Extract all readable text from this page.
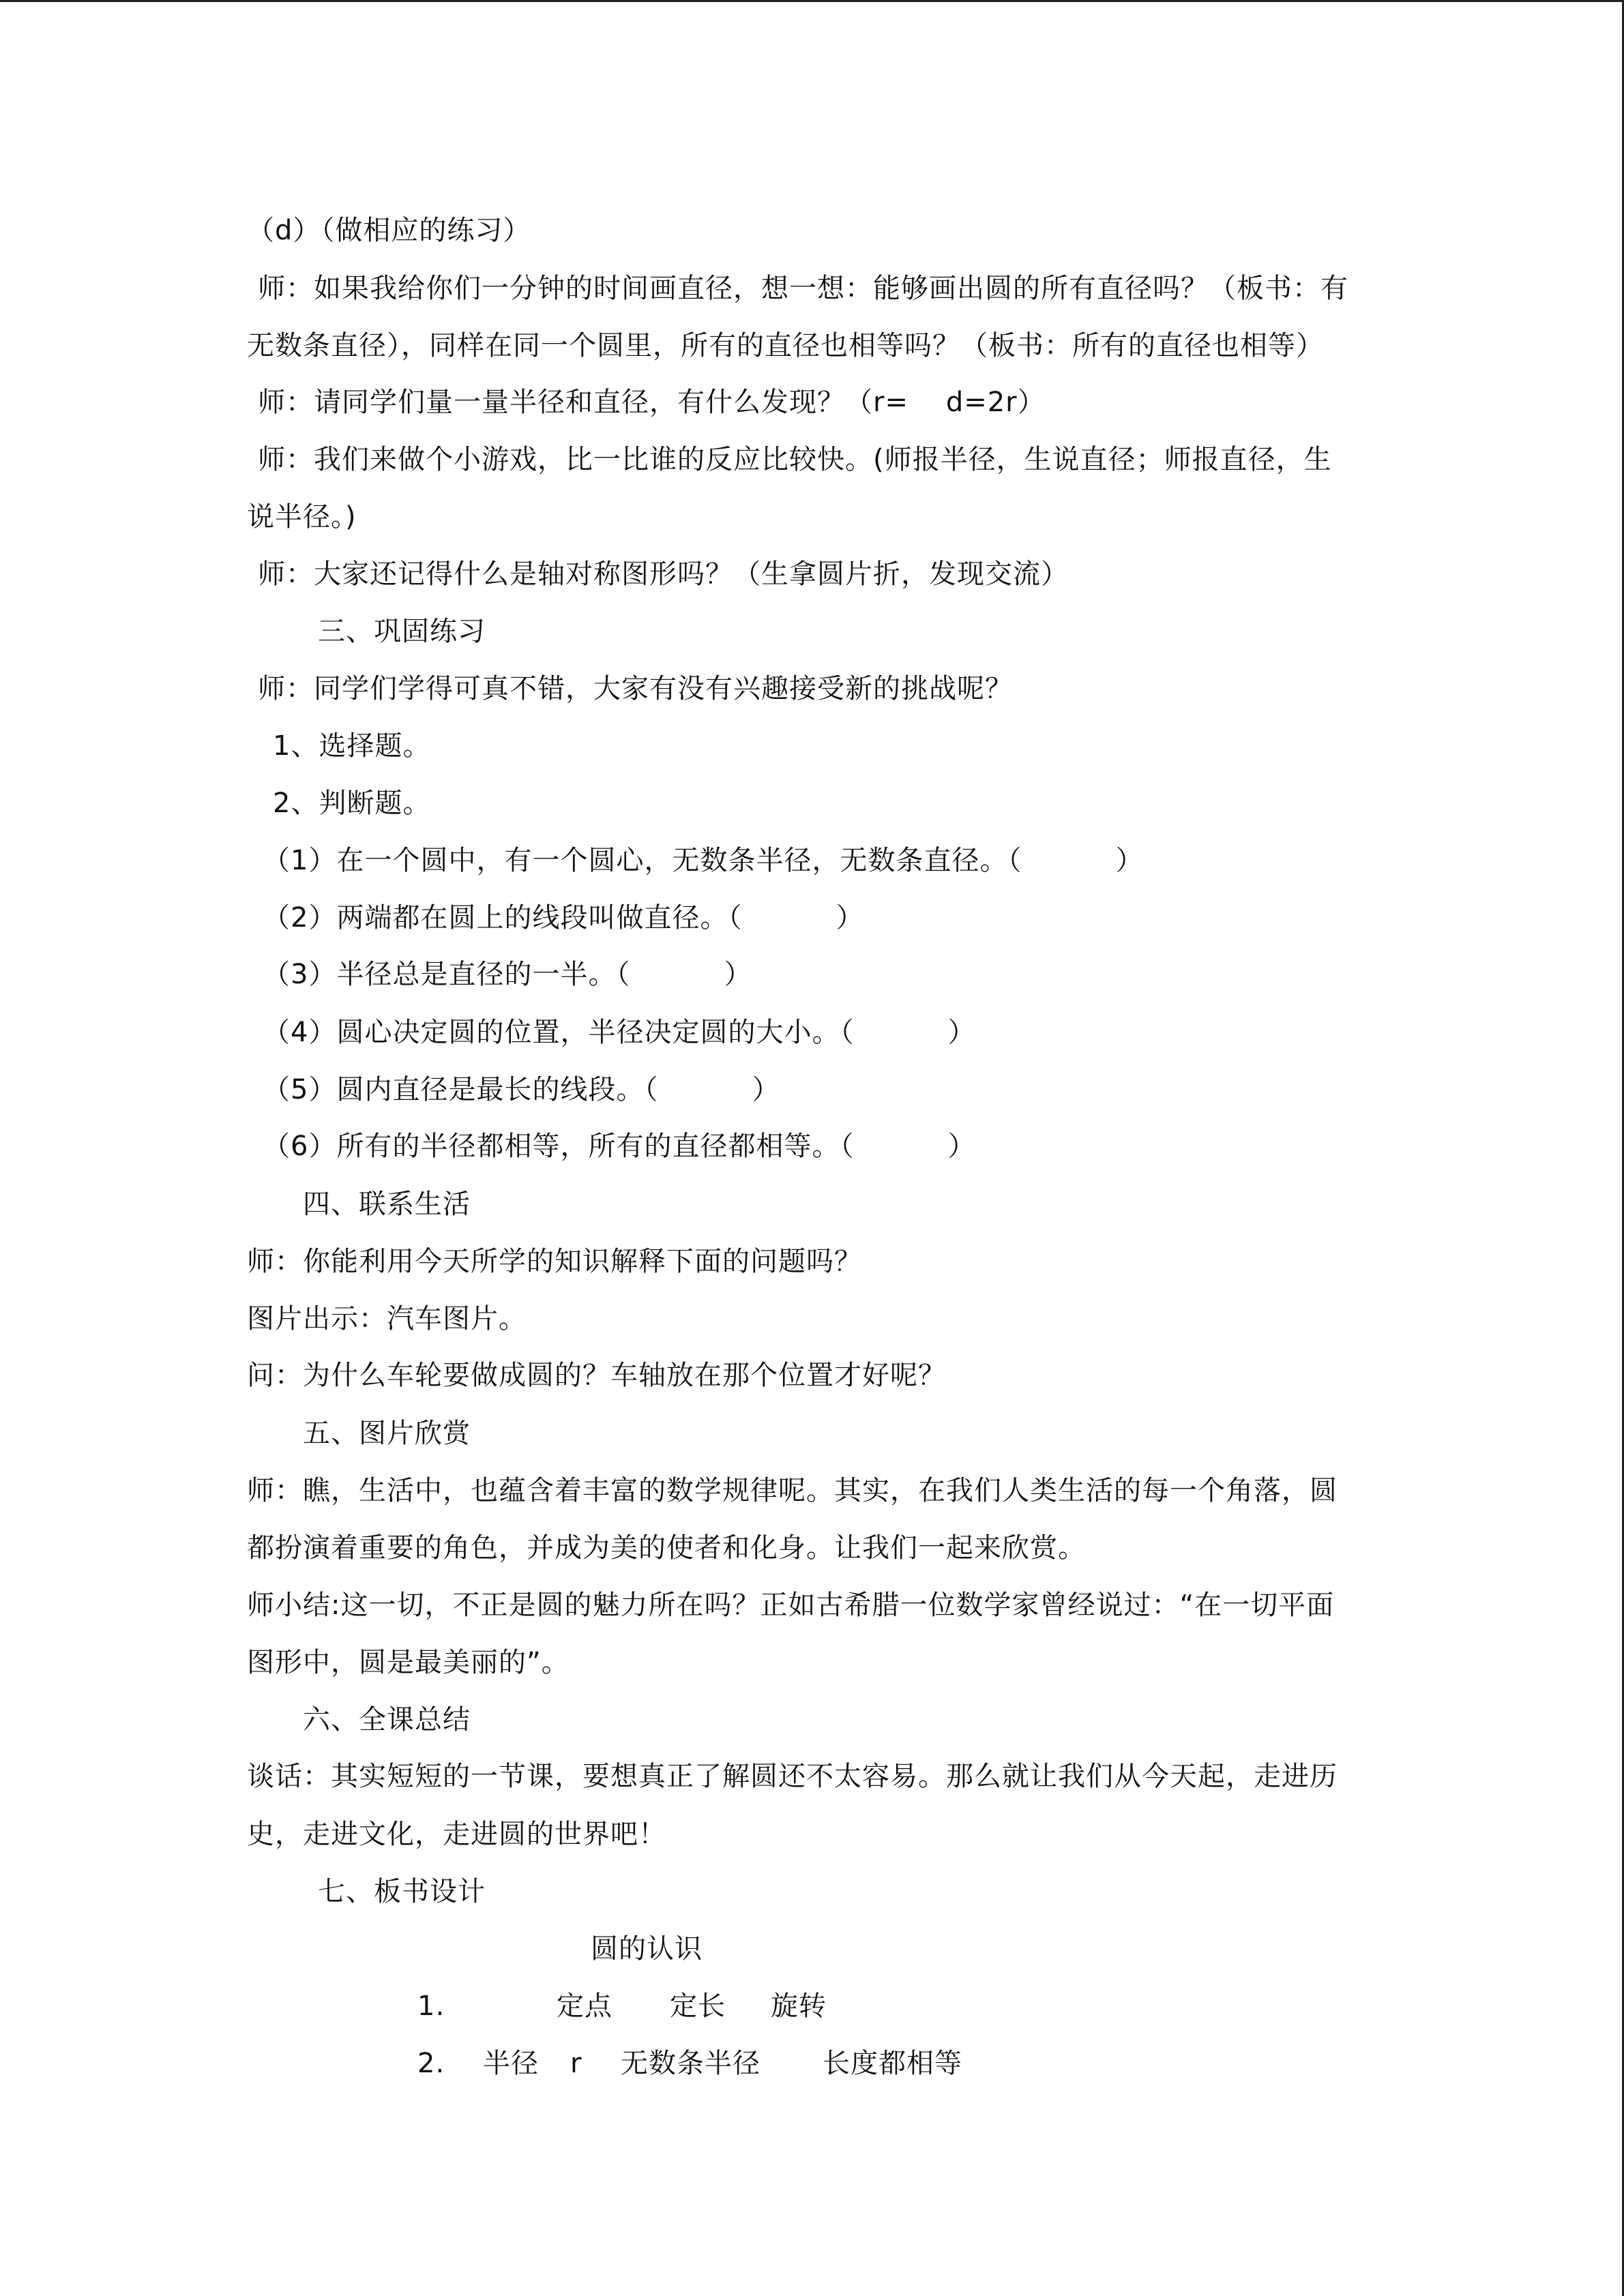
（d）（做相应的练习）
师：如果我给你们一分钟的时间画直径，想一想：能够画出圆的所有直径吗？（板书：有
无数条直径），同样在同一个圆里，所有的直径也相等吗？（板书：所有的直径也相等）
师：请同学们量一量半径和直径，有什么发现？（r=    d=2r）
师：我们来做个小游戏，比一比谁的反应比较快。(师报半径，生说直径；师报直径，生
说半径。)
师：大家还记得什么是轴对称图形吗？（生拿圆片折，发现交流）
三、巩固练习
师：同学们学得可真不错，大家有没有兴趣接受新的挑战呢？
1、选择题。
2、判断题。
（1）在一个圆中，有一个圆心，无数条半径，无数条直径。（          ）
（2）两端都在圆上的线段叫做直径。（          ）
（3）半径总是直径的一半。（          ）
（4）圆心决定圆的位置，半径决定圆的大小。（          ）
（5）圆内直径是最长的线段。（          ）
（6）所有的半径都相等，所有的直径都相等。（          ）
四、联系生活
师：你能利用今天所学的知识解释下面的问题吗？
图片出示：汽车图片。
问：为什么车轮要做成圆的？车轴放在那个位置才好呢？
五、图片欣赏
师：瞧，生活中，也蕴含着丰富的数学规律呢。其实，在我们人类生活的每一个角落，圆
都扮演着重要的角色，并成为美的使者和化身。让我们一起来欣赏。
师小结:这一切，不正是圆的魅力所在吗？正如古希腊一位数学家曾经说过：“在一切平面
图形中，圆是最美丽的”。
六、全课总结
谈话：其实短短的一节课，要想真正了解圆还不太容易。那么就让我们从今天起，走进历
史，走进文化，走进圆的世界吧！
七、板书设计
圆的认识
1.	定点 定长 旋转
2. 半径 r 无数条半径 长度都相等
